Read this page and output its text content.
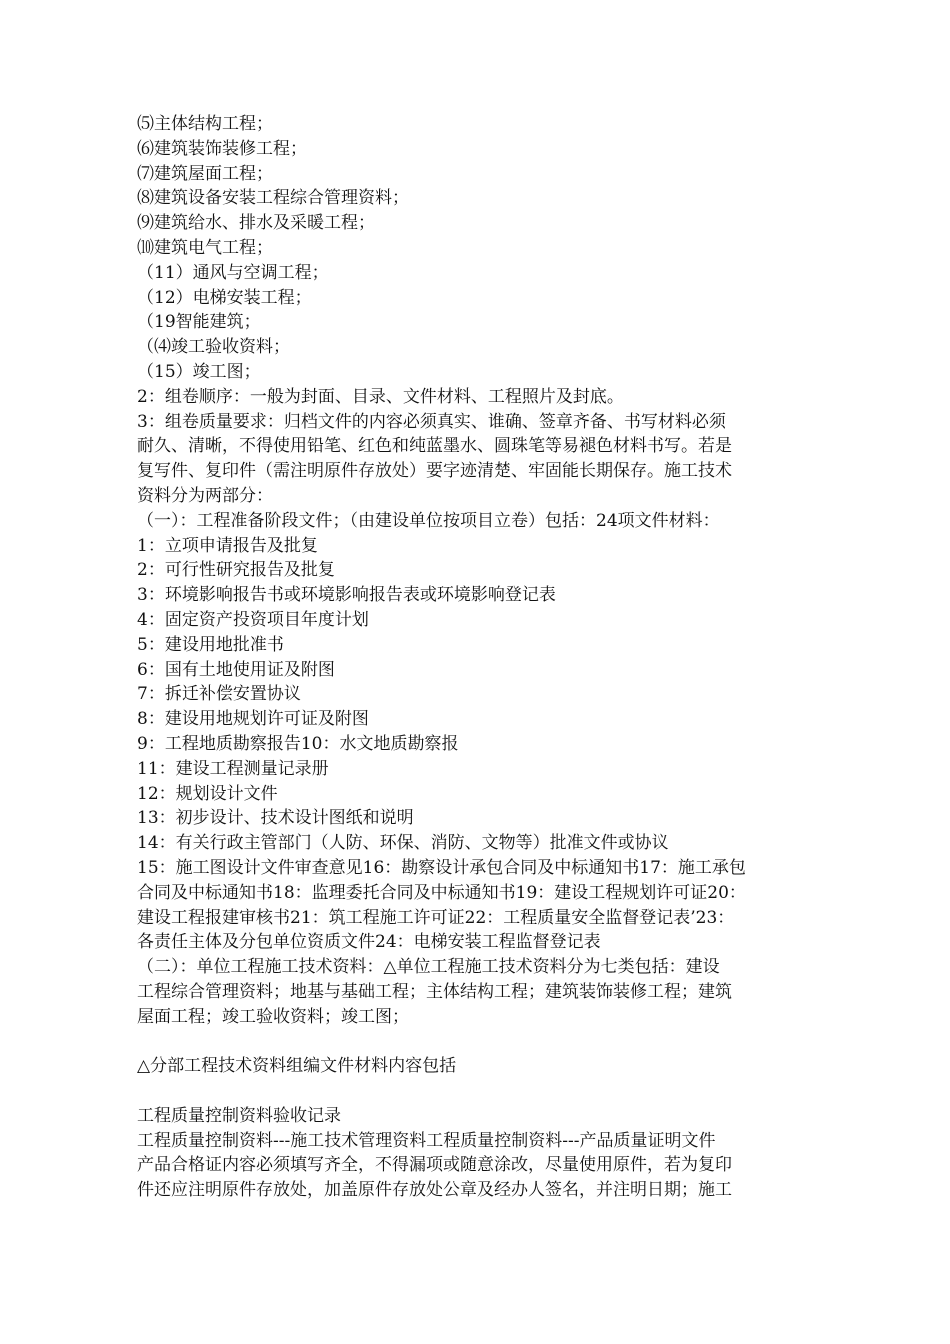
⑸主体结构工程；
⑹建筑装饰装修工程；
⑺建筑屋面工程；
⑻建筑设备安装工程综合管理资料；
⑼建筑给水、排水及采暖工程；
⑽建筑电气工程；
（11）通风与空调工程；
（12）电梯安装工程；
（19智能建筑；
（⑷竣工验收资料；
（15）竣工图；
2：组卷顺序：一般为封面、目录、文件材料、工程照片及封底。
3：组卷质量要求：归档文件的内容必须真实、谁确、签章齐备、书写材料必须
耐久、清晰，不得使用铅笔、红色和纯蓝墨水、圆珠笔等易褪色材料书写。若是
复写件、复印件（需注明原件存放处）要字迹清楚、牢固能长期保存。施工技术
资料分为两部分：
（一）：工程准备阶段文件；（由建设单位按项目立卷）包括：24项文件材料：
1：立项申请报告及批复
2：可行性研究报告及批复
3：环境影响报告书或环境影响报告表或环境影响登记表
4：固定资产投资项目年度计划
5：建设用地批准书
6：国有土地使用证及附图
7：拆迁补偿安置协议
8：建设用地规划许可证及附图
9：工程地质勘察报告10：水文地质勘察报
11：建设工程测量记录册
12：规划设计文件
13：初步设计、技术设计图纸和说明
14：有关行政主管部门（人防、环保、消防、文物等）批准文件或协议
15：施工图设计文件审查意见16：勘察设计承包合同及中标通知书17：施工承包
合同及中标通知书18：监理委托合同及中标通知书19：建设工程规划许可证20：
建设工程报建审核书21：筑工程施工许可证22：工程质量安全监督登记表’23：
各责任主体及分包单位资质文件24：电梯安装工程监督登记表
（二）：单位工程施工技术资料：△单位工程施工技术资料分为七类包括：建设
工程综合管理资料；地基与基础工程；主体结构工程；建筑装饰装修工程；建筑
屋面工程；竣工验收资料；竣工图；
△分部工程技术资料组编文件材料内容包括
工程质量控制资料验收记录
工程质量控制资料---施工技术管理资料工程质量控制资料---产品质量证明文件
产品合格证内容必须填写齐全，不得漏项或随意涂改，尽量使用原件，若为复印
件还应注明原件存放处，加盖原件存放处公章及经办人签名，并注明日期；施工
